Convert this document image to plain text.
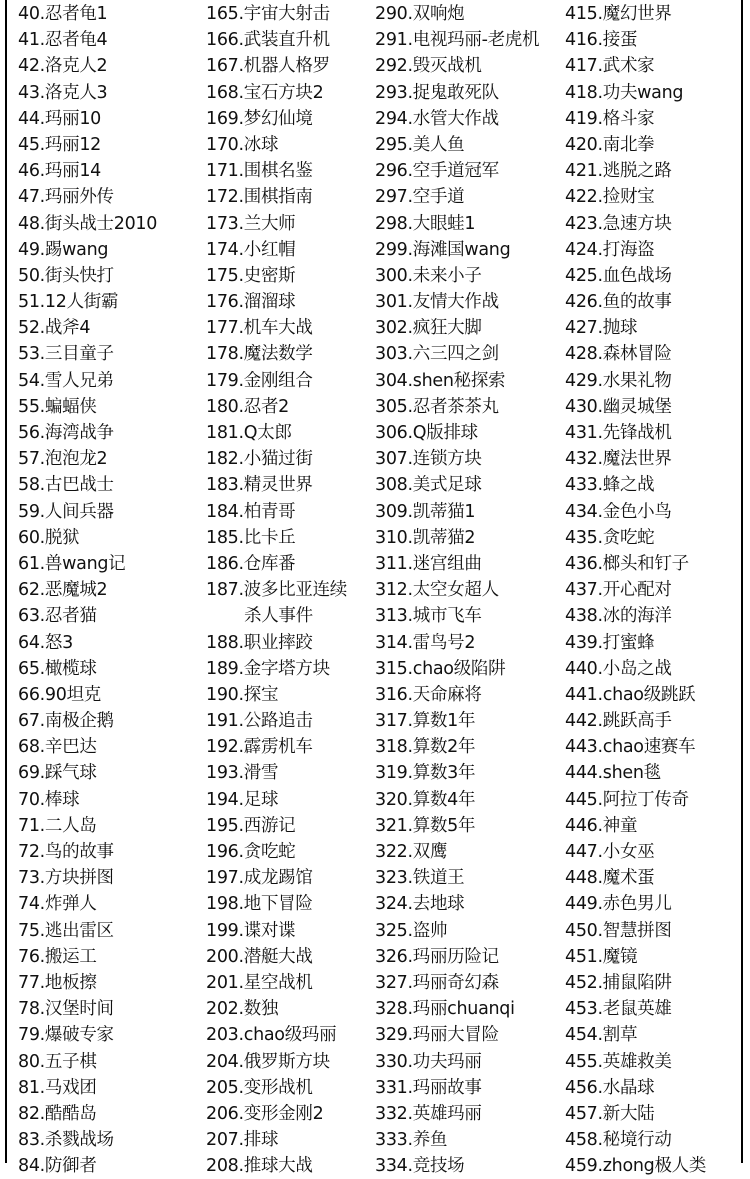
40.忍者龟1
41.忍者龟4
42.洛克人2
43.洛克人3
44.玛丽10
45.玛丽12
46.玛丽14
47.玛丽外传
48.街头战士2010
49.踢wang
50.街头快打
51.12人街霸
52.战斧4
53.三目童子
54.雪人兄弟
55.蝙蝠侠
56.海湾战争
57.泡泡龙2
58.古巴战士
59.人间兵器
60.脱狱
61.兽wang记
62.恶魔城2
63.忍者猫
64.怒3
65.橄榄球
66.90坦克
67.南极企鹅
68.辛巴达
69.踩气球
70.棒球
71.二人岛
72.鸟的故事
73.方块拼图
74.炸弹人
75.逃出雷区
76.搬运工
77.地板擦
78.汉堡时间
79.爆破专家
80.五子棋
81.马戏团
82.酷酷岛
83.杀戮战场
84.防御者
165.宇宙大射击
166.武装直升机
167.机器人格罗
168.宝石方块2
169.梦幻仙境
170.冰球
171.围棋名鉴
172.围棋指南
173.兰大师
174.小红帽
175.史密斯
176.溜溜球
177.机车大战
178.魔法数学
179.金刚组合
180.忍者2
181.Q太郎
182.小猫过街
183.精灵世界
184.柏青哥
185.比卡丘
186.仓库番
187.波多比亚连续
杀人事件
188.职业摔跤
189.金字塔方块
190.探宝
191.公路追击
192.霹雳机车
193.滑雪
194.足球
195.西游记
196.贪吃蛇
197.成龙踢馆
198.地下冒险
199.谍对谍
200.潜艇大战
201.星空战机
202.数独
203.chao级玛丽
204.俄罗斯方块
205.变形战机
206.变形金刚2
207.排球
208.推球大战
290.双响炮
291.电视玛丽-老虎机
292.毁灭战机
293.捉鬼敢死队
294.水管大作战
295.美人鱼
296.空手道冠军
297.空手道
298.大眼蛙1
299.海滩国wang
300.未来小子
301.友情大作战
302.疯狂大脚
303.六三四之剑
304.shen秘探索
305.忍者茶茶丸
306.Q版排球
307.连锁方块
308.美式足球
309.凯蒂猫1
310.凯蒂猫2
311.迷宫组曲
312.太空女超人
313.城市飞车
314.雷鸟号2
315.chao级陷阱
316.天命麻将
317.算数1年
318.算数2年
319.算数3年
320.算数4年
321.算数5年
322.双鹰
323.铁道王
324.去地球
325.盗帅
326.玛丽历险记
327.玛丽奇幻森
328.玛丽chuanqi
329.玛丽大冒险
330.功夫玛丽
331.玛丽故事
332.英雄玛丽
333.养鱼
334.竞技场
415.魔幻世界
416.接蛋
417.武术家
418.功夫wang
419.格斗家
420.南北拳
421.逃脱之路
422.捡财宝
423.急速方块
424.打海盗
425.血色战场
426.鱼的故事
427.抛球
428.森林冒险
429.水果礼物
430.幽灵城堡
431.先锋战机
432.魔法世界
433.蜂之战
434.金色小鸟
435.贪吃蛇
436.榔头和钉子
437.开心配对
438.冰的海洋
439.打蜜蜂
440.小岛之战
441.chao级跳跃
442.跳跃高手
443.chao速赛车
444.shen毯
445.阿拉丁传奇
446.神童
447.小女巫
448.魔术蛋
449.赤色男儿
450.智慧拼图
451.魔镜
452.捕鼠陷阱
453.老鼠英雄
454.割草
455.英雄救美
456.水晶球
457.新大陆
458.秘境行动
459.zhong极人类
